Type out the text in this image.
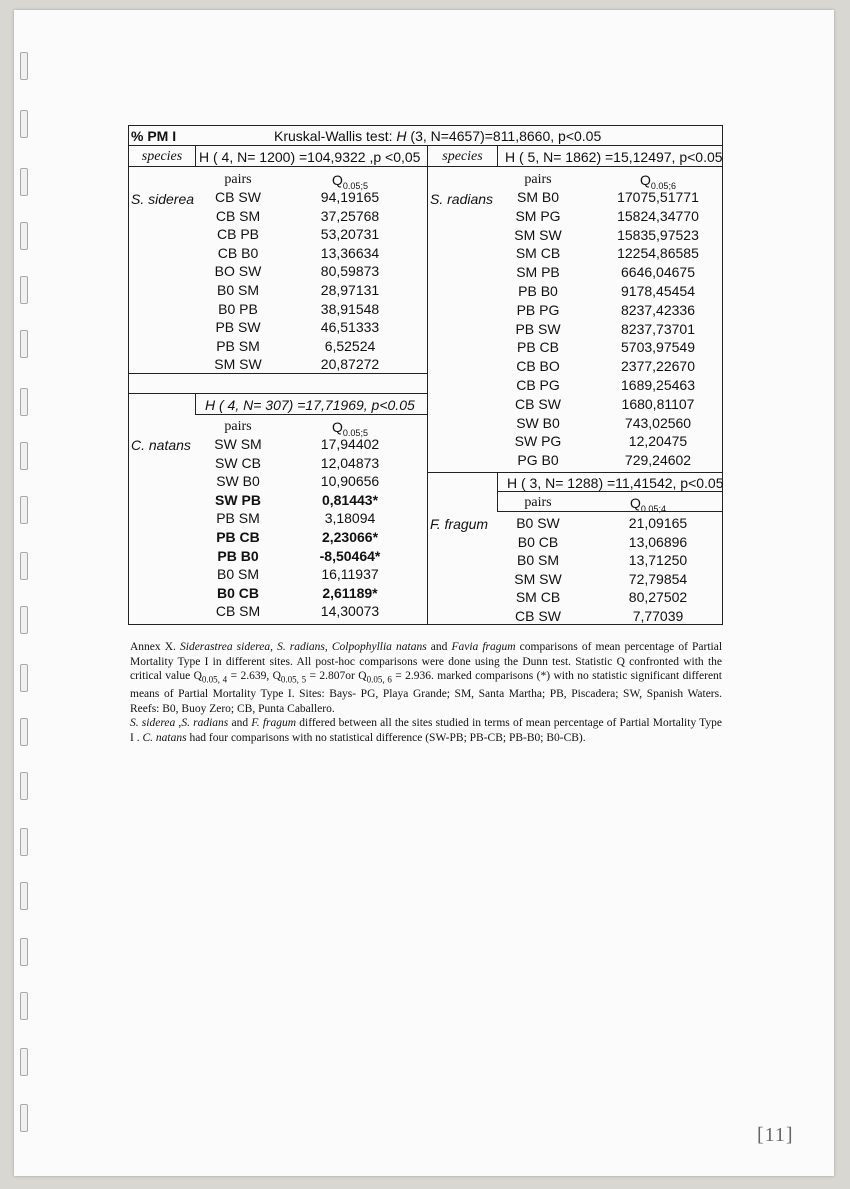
% PM I	Kruskal-Wallis test: H (3, N=4657)=811,8660, p<0.05
species	H ( 4, N= 1200) =104,9322 ,p <0,05	species	H ( 5, N= 1862) =15,12497, p<0.05
S. siderea
pairs	$Q_{0.05;5}$
CB SW	94,19165
CB SM	37,25768
CB PB	53,20731
CB B0	13,36634
BO SW	80,59873
B0 SM	28,97131
B0 PB	38,91548
PB SW	46,51333
PB SM	6,52524
SM SW	20,87272
H ( 4, N= 307) =17,71969, p<0.05
C. natans
pairs	$Q_{0.05;5}$
SW SM	17,94402
SW CB	12,04873
SW B0	10,90656
SW PB	0,81443*
PB SM	3,18094
PB CB	2,23066*
PB B0	-8,50464*
B0 SM	16,11937
B0 CB	2,61189*
CB SM	14,30073
S. radians
pairs	$Q_{0.05;6}$
SM B0	17075,51771
SM PG	15824,34770
SM SW	15835,97523
SM CB	12254,86585
SM PB	6646,04675
PB B0	9178,45454
PB PG	8237,42336
PB SW	8237,73701
PB CB	5703,97549
CB BO	2377,22670
CB PG	1689,25463
CB SW	1680,81107
SW B0	743,02560
SW PG	12,20475
PG B0	729,24602
H ( 3, N= 1288) =11,41542, p<0.05
F. fragum
pairs	$Q_{0.05;4}$
B0 SW	21,09165
B0 CB	13,06896
B0 SM	13,71250
SM SW	72,79854
SM CB	80,27502
CB SW	7,77039

Annex X. Siderastrea siderea, S. radians, Colpophyllia natans and Favia fragum comparisons of mean percentage of Partial Mortality Type I in different sites. All post-hoc comparisons were done using the Dunn test. Statistic Q confronted with the critical value $Q_{0.05, 4} = 2.639$, $Q_{0.05, 5} = 2.807or$ $Q_{0.05, 6} = 2.936$. marked comparisons (*) with no statistic significant different means of Partial Mortality Type I. Sites: Bays- PG, Playa Grande; SM, Santa Martha; PB, Piscadera; SW, Spanish Waters. Reefs: B0, Buoy Zero; CB, Punta Caballero.

S. siderea ,S. radians and F. fragum differed between all the sites studied in terms of mean percentage of Partial Mortality Type I . C. natans had four comparisons with no statistical difference (SW-PB; PB-CB; PB-B0; B0-CB).

[11]
